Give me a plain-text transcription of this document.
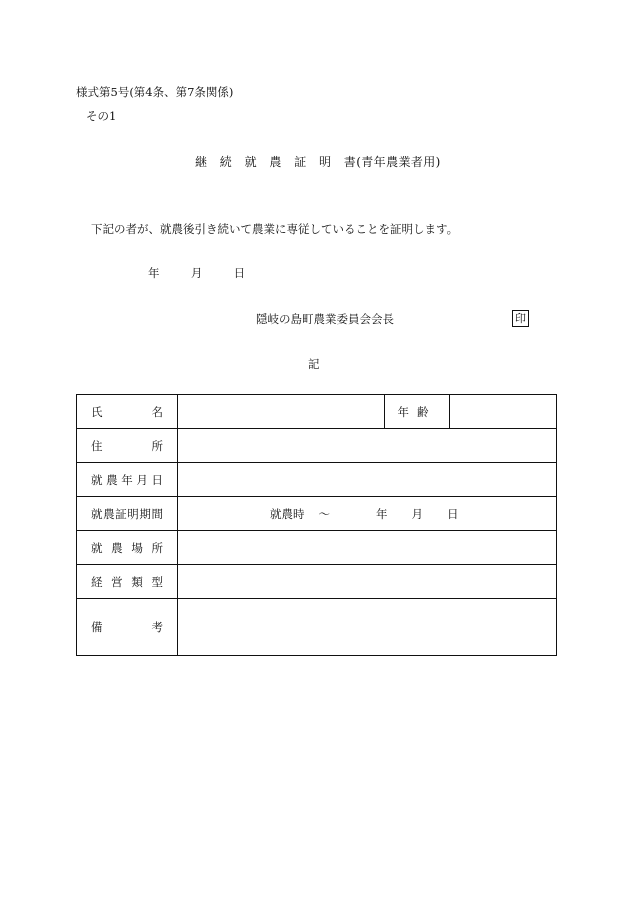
様式第5号(第4条、第7条関係)
その1
継　続　就　農　証　明　書(青年農業者用)
下記の者が、就農後引き続いて農業に専従していることを証明します。
年	月	日
隠岐の島町農業委員会会長	印
記
氏　　名		年齢	
住　　所			
就農年月日			
就農証明期間	就農時 〜 年 月 日		

就農場所			
経営類型			
備　　考			
